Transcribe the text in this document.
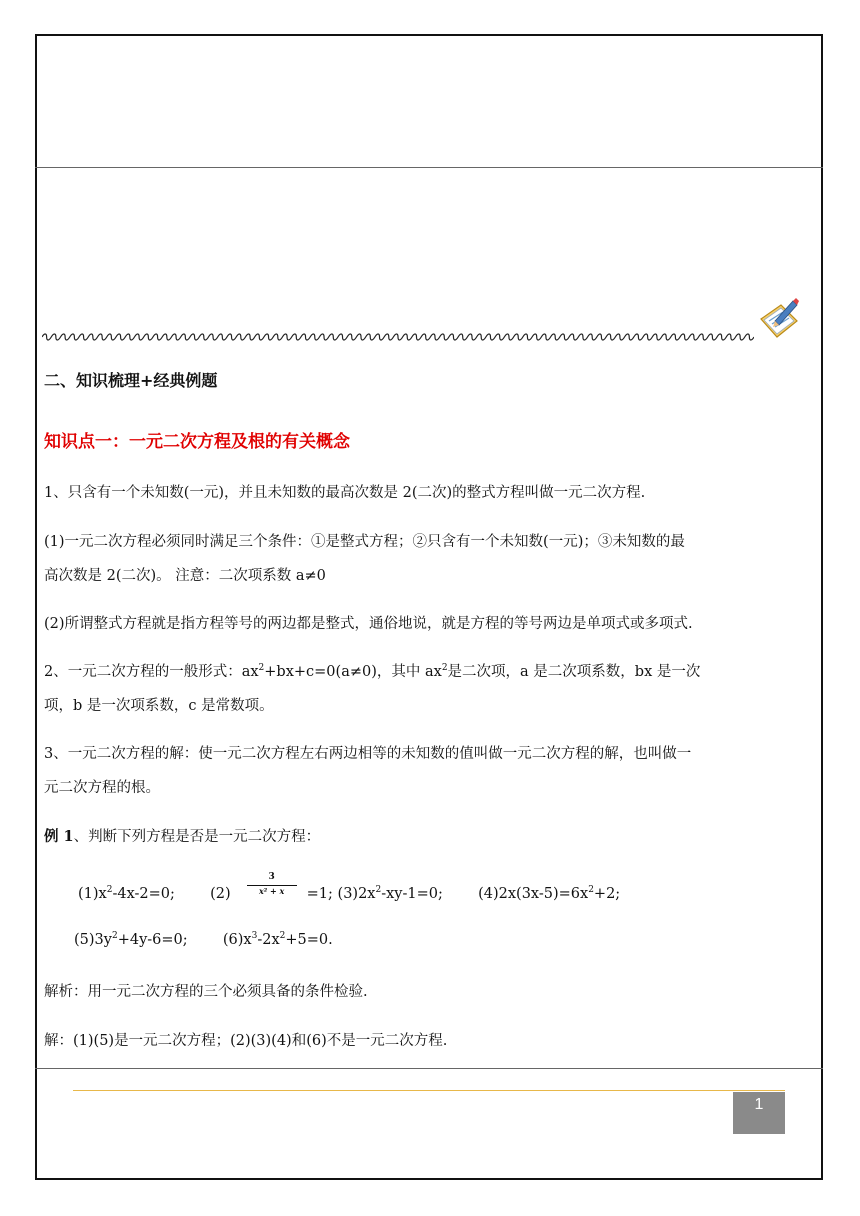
二、知识梳理+经典例题
知识点一：一元二次方程及根的有关概念
1、只含有一个未知数(一元)，并且未知数的最高次数是 2(二次)的整式方程叫做一元二次方程.
(1)一元二次方程必须同时满足三个条件：①是整式方程；②只含有一个未知数(一元)；③未知数的最
高次数是 2(二次)。 注意：二次项系数 a≠0
(2)所谓整式方程就是指方程等号的两边都是整式，通俗地说，就是方程的等号两边是单项式或多项式.
2、一元二次方程的一般形式：$ax^2+bx+c=0(a\ne 0)$，其中 $ax^2$是二次项，a 是二次项系数，bx 是一次
项，b 是一次项系数，c 是常数项。
3、一元二次方程的解：使一元二次方程左右两边相等的未知数的值叫做一元二次方程的解，也叫做一
元二次方程的根。
例 1、判断下列方程是否是一元二次方程：
$(1)x^2-4x-2=0$; $(2) \frac{3}{\text{x² + x}} =1$; $(3)2x^2-xy-1=0$; $(4)2x(3x-5)=6x^2+2$;
$(5)3y^2+4y-6=0$; $(6)x^3-2x^2+5=0$.
解析：用一元二次方程的三个必须具备的条件检验.
解：(1)(5)是一元二次方程；(2)(3)(4)和(6)不是一元二次方程.
1
